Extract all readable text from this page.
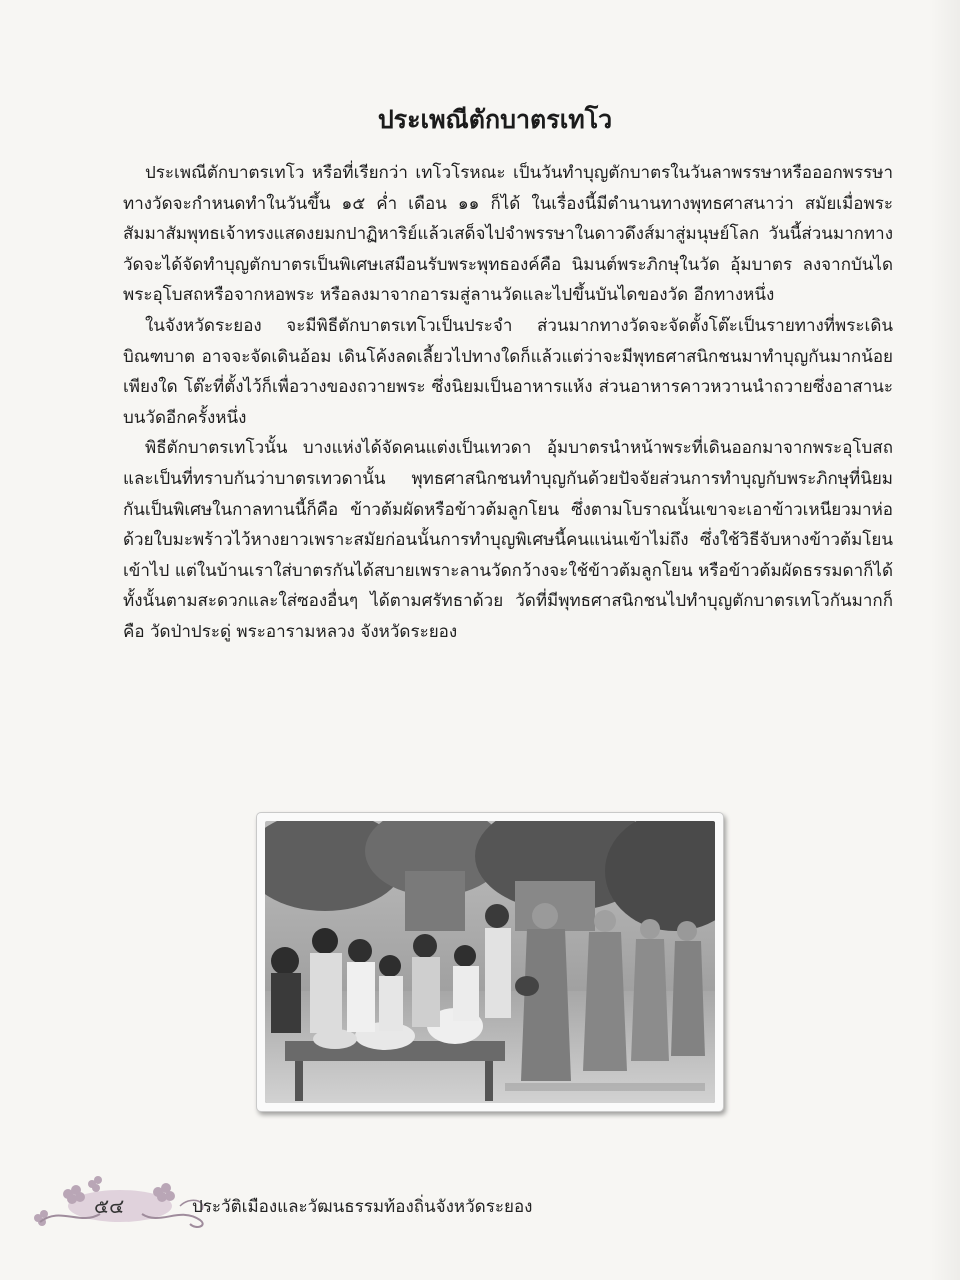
ประเพณีตักบาตรเทโว

ประเพณีตักบาตรเทโว หรือที่เรียกว่า เทโวโรหณะ เป็นวันทำบุญตักบาตรในวันลาพรรษาหรือออกพรรษา ทางวัดจะกำหนดทำในวันขึ้น ๑๕ ค่ำ เดือน ๑๑ ก็ได้ ในเรื่องนี้มีตำนานทางพุทธศาสนาว่า สมัยเมื่อพระสัมมาสัมพุทธเจ้าทรงแสดงยมกปาฏิหาริย์แล้วเสด็จไปจำพรรษาในดาวดึงส์มาสู่มนุษย์โลก วันนี้ส่วนมากทางวัดจะได้จัดทำบุญตักบาตรเป็นพิเศษเสมือนรับพระพุทธองค์คือ นิมนต์พระภิกษุในวัด อุ้มบาตร ลงจากบันไดพระอุโบสถหรือจากหอพระ หรือลงมาจากอารมสู่ลานวัดและไปขึ้นบันไดของวัด อีกทางหนึ่ง

ในจังหวัดระยอง จะมีพิธีตักบาตรเทโวเป็นประจำ ส่วนมากทางวัดจะจัดตั้งโต๊ะเป็นรายทางที่พระเดินบิณฑบาต อาจจะจัดเดินอ้อม เดินโค้งลดเลี้ยวไปทางใดก็แล้วแต่ว่าจะมีพุทธศาสนิกชนมาทำบุญกันมากน้อยเพียงใด โต๊ะที่ตั้งไว้ก็เพื่อวางของถวายพระ ซึ่งนิยมเป็นอาหารแห้ง ส่วนอาหารคาวหวานนำถวายซึ่งอาสานะบนวัดอีกครั้งหนึ่ง

พิธีตักบาตรเทโวนั้น บางแห่งได้จัดคนแต่งเป็นเทวดา อุ้มบาตรนำหน้าพระที่เดินออกมาจากพระอุโบสถ และเป็นที่ทราบกันว่าบาตรเทวดานั้น พุทธศาสนิกชนทำบุญกันด้วยปัจจัยส่วนการทำบุญกับพระภิกษุที่นิยมกันเป็นพิเศษในกาลทานนี้ก็คือ ข้าวต้มผัดหรือข้าวต้มลูกโยน ซึ่งตามโบราณนั้นเขาจะเอาข้าวเหนียวมาห่อด้วยใบมะพร้าวไว้หางยาวเพราะสมัยก่อนนั้นการทำบุญพิเศษนี้คนแน่นเข้าไม่ถึง ซึ่งใช้วิธีจับหางข้าวต้มโยนเข้าไป แต่ในบ้านเราใส่บาตรกันได้สบายเพราะลานวัดกว้างจะใช้ข้าวต้มลูกโยน หรือข้าวต้มผัดธรรมดาก็ได้ทั้งนั้นตามสะดวกและใส่ซองอื่นๆ ได้ตามศรัทธาด้วย วัดที่มีพุทธศาสนิกชนไปทำบุญตักบาตรเทโวกันมากก็คือ วัดป่าประดู่ พระอารามหลวง จังหวัดระยอง

๕๔	ประวัติเมืองและวัฒนธรรมท้องถิ่นจังหวัดระยอง
